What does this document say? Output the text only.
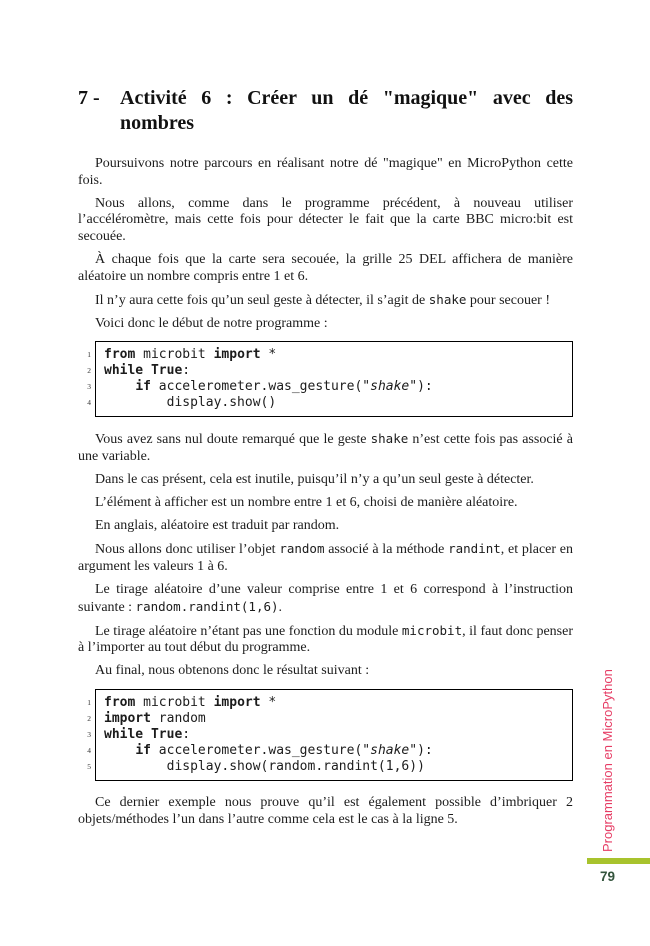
7 -	Activité 6 : Créer un dé "magique" avec des
nombres

Poursuivons notre parcours en réalisant notre dé "magique" en MicroPython cette fois.

Nous allons, comme dans le programme précédent, à nouveau utiliser l’accéléromètre, mais cette fois pour détecter le fait que la carte BBC micro:bit est secouée.

À chaque fois que la carte sera secouée, la grille 25 DEL affichera de manière aléatoire un nombre compris entre 1 et 6.

Il n’y aura cette fois qu’un seul geste à détecter, il s’agit de shake pour secouer !

Voici donc le début de notre programme :

1
2
3
4
from microbit import *
while True:
if accelerometer.was_gesture("shake"):
display.show()

Vous avez sans nul doute remarqué que le geste shake n’est cette fois pas associé à une variable.

Dans le cas présent, cela est inutile, puisqu’il n’y a qu’un seul geste à détecter.

L’élément à afficher est un nombre entre 1 et 6, choisi de manière aléatoire.

En anglais, aléatoire est traduit par random.

Nous allons donc utiliser l’objet random associé à la méthode randint, et placer en argument les valeurs 1 à 6.

Le tirage aléatoire d’une valeur comprise entre 1 et 6 correspond à l’instruction suivante : random.randint(1,6).

Le tirage aléatoire n’étant pas une fonction du module microbit, il faut donc penser à l’importer au tout début du programme.

Au final, nous obtenons donc le résultat suivant :

1
2
3
4
5
from microbit import *
import random
while True:
if accelerometer.was_gesture("shake"):
display.show(random.randint(1,6))

Ce dernier exemple nous prouve qu’il est également possible d’imbriquer 2 objets/méthodes l’un dans l’autre comme cela est le cas à la ligne 5.	Programmation en MicroPython
79
